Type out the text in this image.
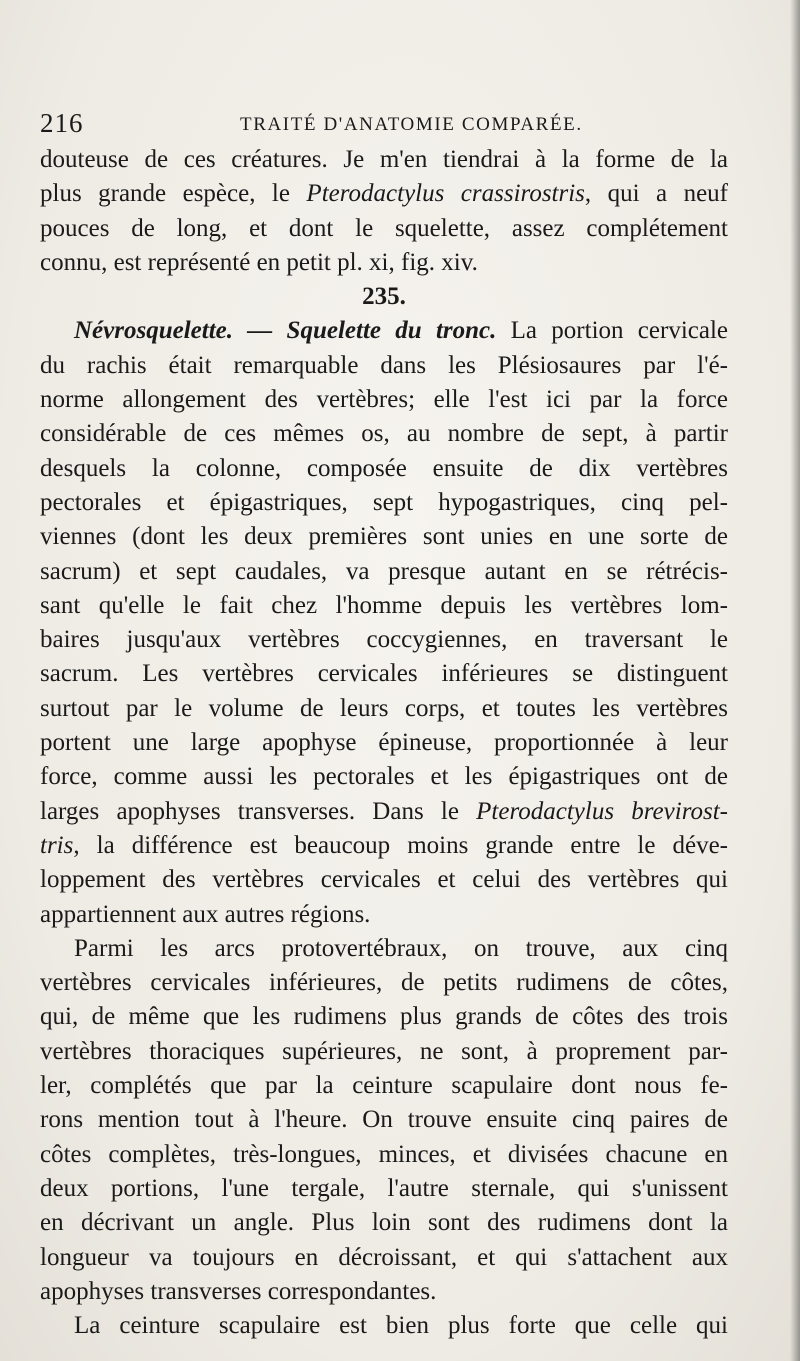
216	TRAITÉ D'ANATOMIE COMPARÉE.
douteuse de ces créatures. Je m'en tiendrai à la forme de la
plus grande espèce, le Pterodactylus crassirostris, qui a neuf
pouces de long, et dont le squelette, assez complétement
connu, est représenté en petit pl. xi, fig. xiv.
235.
Névrosquelette. — Squelette du tronc. La portion cervicale
du rachis était remarquable dans les Plésiosaures par l'é-
norme allongement des vertèbres; elle l'est ici par la force
considérable de ces mêmes os, au nombre de sept, à partir
desquels la colonne, composée ensuite de dix vertèbres
pectorales et épigastriques, sept hypogastriques, cinq pel-
viennes (dont les deux premières sont unies en une sorte de
sacrum) et sept caudales, va presque autant en se rétrécis-
sant qu'elle le fait chez l'homme depuis les vertèbres lom-
baires jusqu'aux vertèbres coccygiennes, en traversant le
sacrum. Les vertèbres cervicales inférieures se distinguent
surtout par le volume de leurs corps, et toutes les vertèbres
portent une large apophyse épineuse, proportionnée à leur
force, comme aussi les pectorales et les épigastriques ont de
larges apophyses transverses. Dans le Pterodactylus brevirost-
tris, la différence est beaucoup moins grande entre le déve-
loppement des vertèbres cervicales et celui des vertèbres qui
appartiennent aux autres régions.
Parmi les arcs protovertébraux, on trouve, aux cinq
vertèbres cervicales inférieures, de petits rudimens de côtes,
qui, de même que les rudimens plus grands de côtes des trois
vertèbres thoraciques supérieures, ne sont, à proprement par-
ler, complétés que par la ceinture scapulaire dont nous fe-
rons mention tout à l'heure. On trouve ensuite cinq paires de
côtes complètes, très-longues, minces, et divisées chacune en
deux portions, l'une tergale, l'autre sternale, qui s'unissent
en décrivant un angle. Plus loin sont des rudimens dont la
longueur va toujours en décroissant, et qui s'attachent aux
apophyses transverses correspondantes.
La ceinture scapulaire est bien plus forte que celle qui
